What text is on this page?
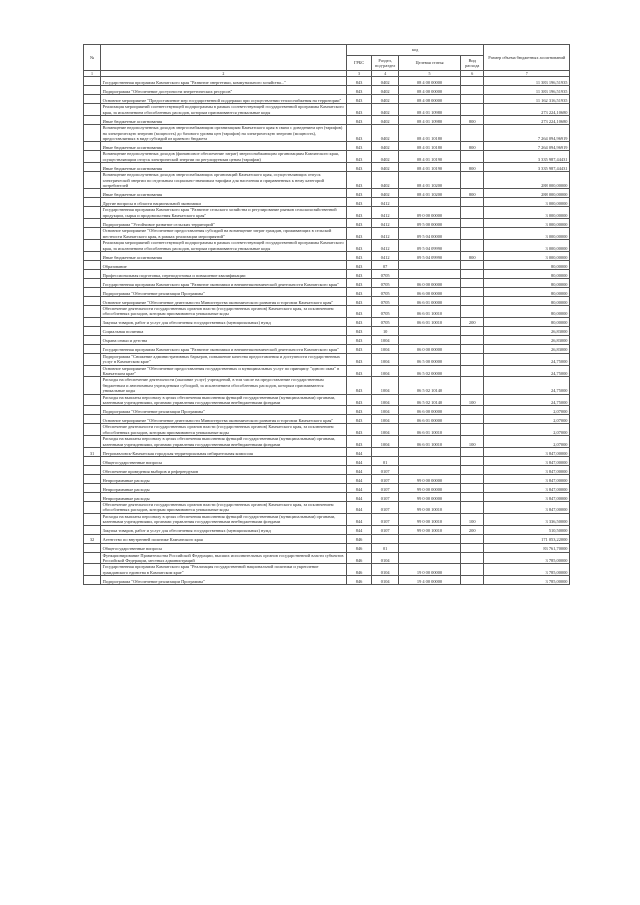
№		код				Размер объема бюджетных ассигнований
		ГРБС	Раздел, под-раздел	Целевая статья	Вид расхода	
1	2	3	4	5	6	7
	Государственная программа Камчатского края "Развитие энергетики, коммунального хозяйства..."	843	0402	08 4 00 00000		11 383 196,51935
	Подпрограмма "Обеспечение доступности энергетических ресурсов"	843	0402	08 4 00 00000		11 383 196,51935
	Основное мероприятие "Предоставление мер государственной поддержки при осуществлении теплоснабжения на территории"	843	0402	08 4 08 00000		11 162 316,51935
	Реализация мероприятий соответствующей подпрограммы в рамках соответствующей государственной программы Камчатского края, за исключением обособленных расходов, которым присваиваются уникальные коды	843	0402	08 4 01 10980		273 224,10680
	Иные бюджетные ассигнования	843	0402	08 4 01 10980	800	273 224,10680
	Возмещение недополученных доходов энергоснабжающим организациям Камчатского края в связи с доведением цен (тарифов) на электрическую энергию (мощность) до базового уровня цен (тарифов) на электрическую энергию (мощность), предоставляемых в виде субсидий из краевого бюджета	843	0402	08 4 01 10180		7 264 094,96919
	Иные бюджетные ассигнования	843	0402	08 4 01 10180	800	7 264 094,96919
	Возмещение недополученных доходов (финансовое обеспечение затрат) энергоснабжающим организациям Камчатского края, осуществляющим отпуск электрической энергии по регулируемым ценам (тарифам)	843	0402	08 4 01 10190		3 335 987,44431
	Иные бюджетные ассигнования	843	0402	08 4 01 10190	800	3 335 987,44431
	Возмещение недополученных доходов энергоснабжающих организаций Камчатского края, осуществляющих отпуск электрической энергии по отдельным социально-значимым тарифам для населения и приравненных к нему категорий потребителей	843	0402	08 4 01 10200		288 000,00000
	Иные бюджетные ассигнования	843	0402	08 4 01 10200	800	288 000,00000
	Другие вопросы в области национальной экономики	843	0412			3 000,00000
	Государственная программа Камчатского края "Развитие сельского хозяйства и регулирование рынков сельскохозяйственной продукции, сырья и продовольствия Камчатского края"	843	0412	09 0 00 00000		3 000,00000
	Подпрограмма "Устойчивое развитие сельских территорий"	843	0412	09 5 00 00000		3 000,00000
	Основное мероприятие "Обеспечение предоставления субсидий на возмещение затрат граждан, проживающих в сельской местности Камчатского края, в рамках реализации мероприятий"	843	0412	09 5 04 00000		3 000,00000
	Реализация мероприятий соответствующей подпрограммы в рамках соответствующей государственной программы Камчатского края, за исключением обособленных расходов, которым присваиваются уникальные коды	843	0412	09 5 04 09990		3 000,00000
	Иные бюджетные ассигнования	843	0412	09 5 04 09990	800	3 000,00000
	Образование	843	07			80,00000
	Профессиональная подготовка, переподготовка и повышение квалификации	843	0705			80,00000
	Государственная программа Камчатского края "Развитие экономики и внешнеэкономической деятельности Камчатского края"	843	0705	06 0 00 00000		80,00000
	Подпрограмма "Обеспечение реализации Программы"	843	0705	06 6 00 00000		80,00000
	Основное мероприятие "Обеспечение деятельности Министерства экономического развития и торговли Камчатского края"	843	0705	06 6 01 00000		80,00000
	Обеспечение деятельности государственных органов власти (государственных органов) Камчатского края, за исключением обособленных расходов, которым присваиваются уникальные коды	843	0705	06 6 01 10010		80,00000
	Закупка товаров, работ и услуг для обеспечения государственных (муниципальных) нужд	843	0705	06 6 01 10010	200	80,00000
	Социальная политика	843	10			26,83000
	Охрана семьи и детства	843	1004			26,83000
	Государственная программа Камчатского края "Развитие экономики и внешнеэкономической деятельности Камчатского края"	843	1004	06 0 00 00000		26,83000
	Подпрограмма "Снижение административных барьеров, повышение качества предоставления и доступности государственных услуг в Камчатском крае"	843	1004	06 5 00 00000		24,75000
	Основное мероприятие "Обеспечение предоставления государственных и муниципальных услуг по принципу "одного окна" в Камчатском крае"	843	1004	06 5 02 00000		24,75000
	Расходы на обеспечение деятельности (оказание услуг) учреждений, в том числе на предоставление государственным бюджетным и автономным учреждениям субсидий, за исключением обособленных расходов, которым присваиваются уникальные коды	843	1004	06 5 02 10140		24,75000
	Расходы на выплаты персоналу в целях обеспечения выполнения функций государственными (муниципальными) органами, казенными учреждениями, органами управления государственными внебюджетными фондами	843	1004	06 5 02 10140	100	24,75000
	Подпрограмма "Обеспечение реализации Программы"	843	1004	06 6 00 00000		2,07000
	Основное мероприятие "Обеспечение деятельности Министерства экономического развития и торговли Камчатского края"	843	1004	06 6 01 00000		2,07000
	Обеспечение деятельности государственных органов власти (государственных органов) Камчатского края, за исключением обособленных расходов, которым присваиваются уникальные коды	843	1004	06 6 01 10010		2,07000
	Расходы на выплаты персоналу в целях обеспечения выполнения функций государственными (муниципальными) органами, казенными учреждениями, органами управления государственными внебюджетными фондами	843	1004	06 6 01 10010	100	2,07000
31	Петропавловск-Камчатская городская территориальная избирательная комиссия	844				3 847,00000
	Общегосударственные вопросы	844	01			3 847,00000
	Обеспечение проведения выборов и референдумов	844	0107			3 847,00000
	Непрограммные расходы	844	0107	99 0 00 00000		3 847,00000
	Непрограммные расходы	844	0107	99 0 00 00000		3 847,00000
	Непрограммные расходы	844	0107	99 0 00 00000		3 847,00000
	Обеспечение деятельности государственных органов власти (государственных органов) Камчатского края, за исключением обособленных расходов, которым присваиваются уникальные коды	844	0107	99 0 00 10010		3 847,00000
	Расходы на выплаты персоналу в целях обеспечения выполнения функций государственными (муниципальными) органами, казенными учреждениями, органами управления государственными внебюджетными фондами	844	0107	99 0 00 10010	100	3 336,50000
	Закупка товаров, работ и услуг для обеспечения государственных (муниципальных) нужд	844	0107	99 0 00 10010	200	510,50000
32	Агентство по внутренней политике Камчатского края	846				171 053,22000
	Общегосударственные вопросы	846	01			83 761,70000
	Функционирование Правительства Российской Федерации, высших исполнительных органов государственной власти субъектов Российской Федерации, местных администраций	846	0104			3 785,00000
	Государственная программа Камчатского края "Реализация государственной национальной политики и укрепление гражданского единства в Камчатском крае"	846	0104	19 0 00 00000		3 785,00000
	Подпрограмма "Обеспечение реализации Программы"	846	0104	19 4 00 00000		3 785,00000
